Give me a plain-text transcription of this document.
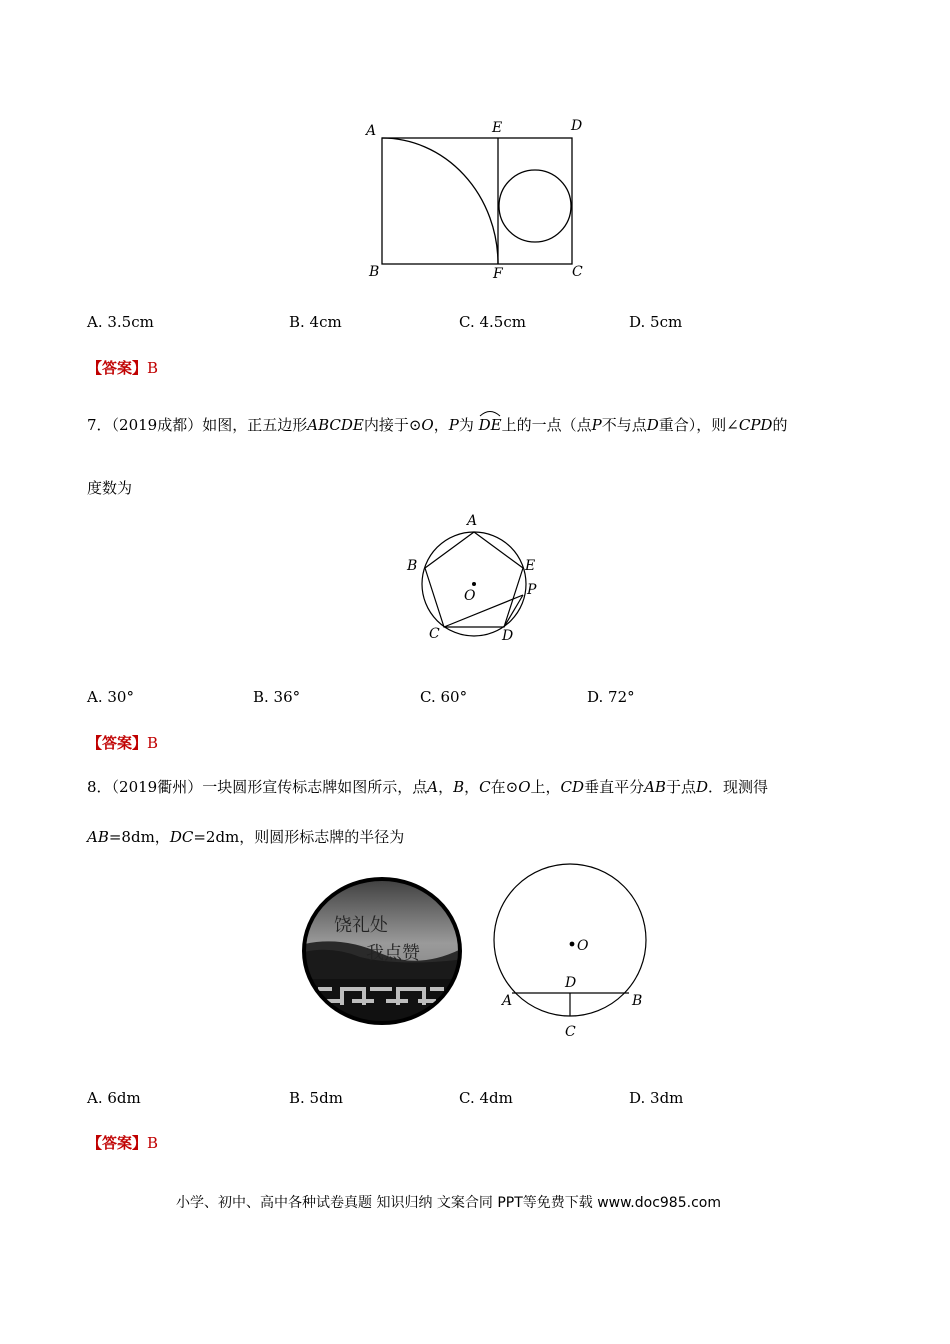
A	E	D
B	F	C
A. 3.5cm	B. 4cm	C. 4.5cm	D. 5cm
【答案】B
7．（2019成都）如图，正五边形ABCDE内接于⊙O，P为 DE
上的一点（点P不与点D重合），则∠CPD的
度数为
A
B	E
P
O
C	D
A. 30°	B. 36°	C. 60°	D. 72°
【答案】B
8．（2019衢州）一块圆形宣传标志牌如图所示，点A，B，C在⊙O上，CD垂直平分AB于点D．现测得
AB=8dm，DC=2dm，则圆形标志牌的半径为
饶礼处
我点赞	O
D
A	B
C
A. 6dm	B. 5dm	C. 4dm	D. 3dm
【答案】B
小学、初中、高中各种试卷真题 知识归纳 文案合同 PPT等免费下载 www.doc985.com
